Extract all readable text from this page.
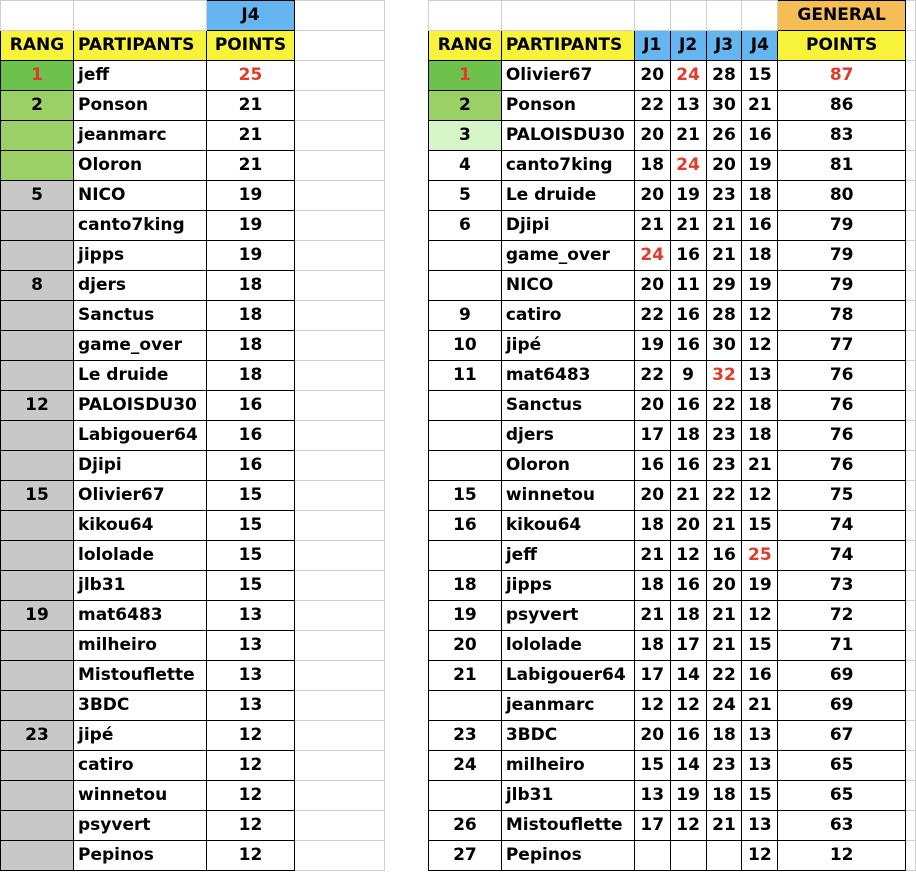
		J4	
RANG	PARTIPANTS	POINTS	
1	jeff	25	
2	Ponson	21	
	jeanmarc	21	
	Oloron	21	
5	NICO	19	
	canto7king	19	
	jipps	19	
8	djers	18	
	Sanctus	18	
	game_over	18	
	Le druide	18	
12	PALOISDU30	16	
	Labigouer64	16	
	Djipi	16	
15	Olivier67	15	
	kikou64	15	
	lololade	15	
	jlb31	15	
19	mat6483	13	
	milheiro	13	
	Mistouflette	13	
	3BDC	13	
23	jipé	12	
	catiro	12	
	winnetou	12	
	psyvert	12	
	Pepinos	12	
						GENERAL	
RANG	PARTIPANTS	J1	J2	J3	J4	POINTS	
1	Olivier67	20	24	28	15	87	
2	Ponson	22	13	30	21	86	
3	PALOISDU30	20	21	26	16	83	
4	canto7king	18	24	20	19	81	
5	Le druide	20	19	23	18	80	
6	Djipi	21	21	21	16	79	
	game_over	24	16	21	18	79	
	NICO	20	11	29	19	79	
9	catiro	22	16	28	12	78	
10	jipé	19	16	30	12	77	
11	mat6483	22	9	32	13	76	
	Sanctus	20	16	22	18	76	
	djers	17	18	23	18	76	
	Oloron	16	16	23	21	76	
15	winnetou	20	21	22	12	75	
16	kikou64	18	20	21	15	74	
	jeff	21	12	16	25	74	
18	jipps	18	16	20	19	73	
19	psyvert	21	18	21	12	72	
20	lololade	18	17	21	15	71	
21	Labigouer64	17	14	22	16	69	
	jeanmarc	12	12	24	21	69	
23	3BDC	20	16	18	13	67	
24	milheiro	15	14	23	13	65	
	jlb31	13	19	18	15	65	
26	Mistouflette	17	12	21	13	63	
27	Pepinos				12	12	
